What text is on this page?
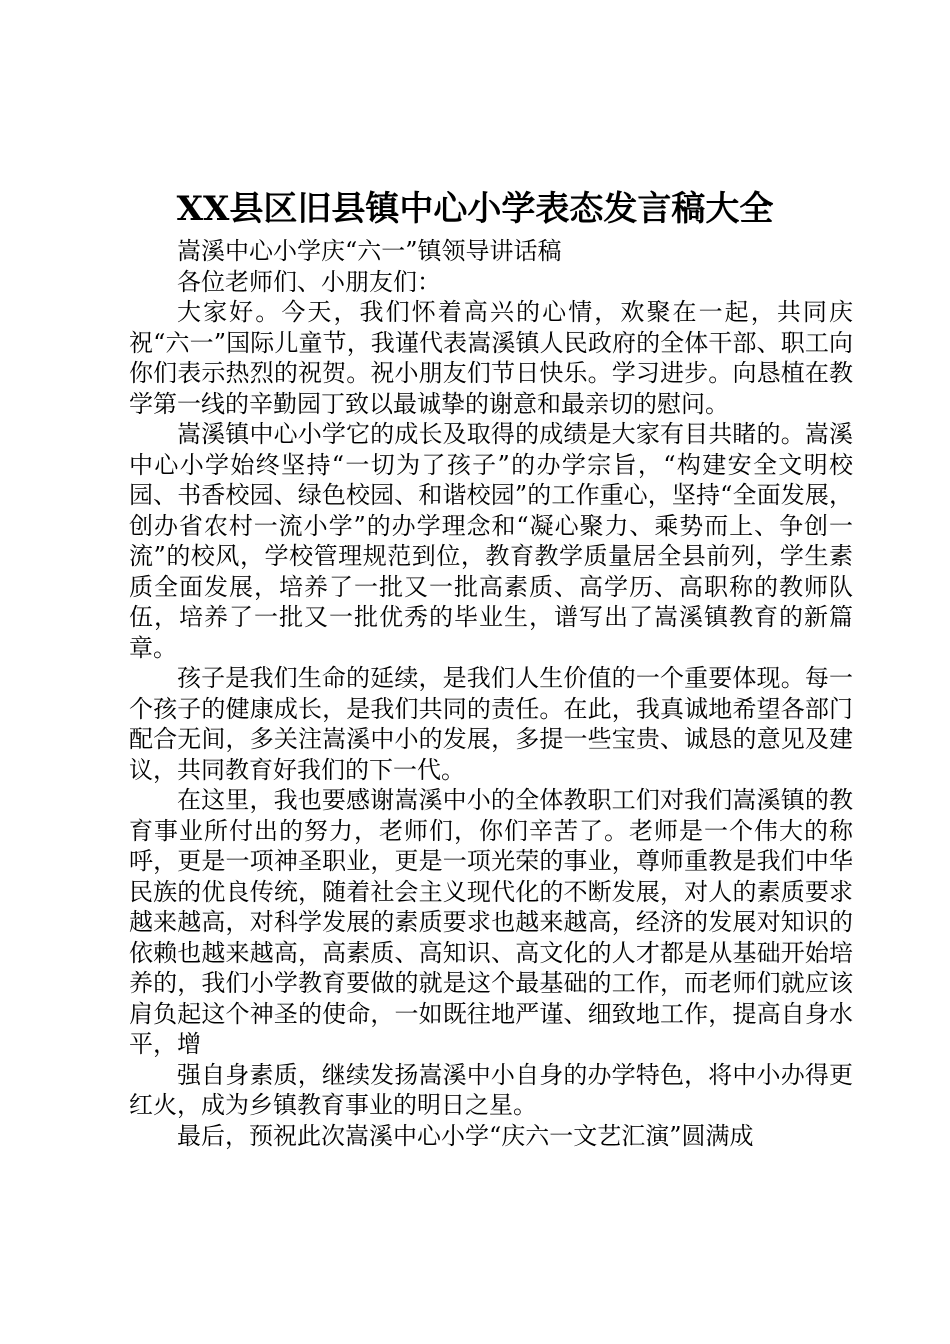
XX县区旧县镇中心小学表态发言稿大全

嵩溪中心小学庆“六一”镇领导讲话稿

各位老师们、小朋友们：

大家好。今天，我们怀着高兴的心情，欢聚在一起，共同庆祝“六一”国际儿童节，我谨代表嵩溪镇人民政府的全体干部、职工向你们表示热烈的祝贺。祝小朋友们节日快乐。学习进步。向恳植在教学第一线的辛勤园丁致以最诚挚的谢意和最亲切的慰问。

嵩溪镇中心小学它的成长及取得的成绩是大家有目共睹的。嵩溪中心小学始终坚持“一切为了孩子”的办学宗旨，“构建安全文明校园、书香校园、绿色校园、和谐校园”的工作重心，坚持“全面发展，创办省农村一流小学”的办学理念和“凝心聚力、乘势而上、争创一流”的校风，学校管理规范到位，教育教学质量居全县前列，学生素质全面发展，培养了一批又一批高素质、高学历、高职称的教师队伍，培养了一批又一批优秀的毕业生，谱写出了嵩溪镇教育的新篇章。

孩子是我们生命的延续，是我们人生价值的一个重要体现。每一个孩子的健康成长，是我们共同的责任。在此，我真诚地希望各部门配合无间，多关注嵩溪中小的发展，多提一些宝贵、诚恳的意见及建议，共同教育好我们的下一代。

在这里，我也要感谢嵩溪中小的全体教职工们对我们嵩溪镇的教育事业所付出的努力，老师们，你们辛苦了。老师是一个伟大的称呼，更是一项神圣职业，更是一项光荣的事业，尊师重教是我们中华民族的优良传统，随着社会主义现代化的不断发展，对人的素质要求越来越高，对科学发展的素质要求也越来越高，经济的发展对知识的依赖也越来越高，高素质、高知识、高文化的人才都是从基础开始培养的，我们小学教育要做的就是这个最基础的工作，而老师们就应该肩负起这个神圣的使命，一如既往地严谨、细致地工作，提高自身水平，增

强自身素质，继续发扬嵩溪中小自身的办学特色，将中小办得更红火，成为乡镇教育事业的明日之星。

最后，预祝此次嵩溪中心小学“庆六一文艺汇演”圆满成
